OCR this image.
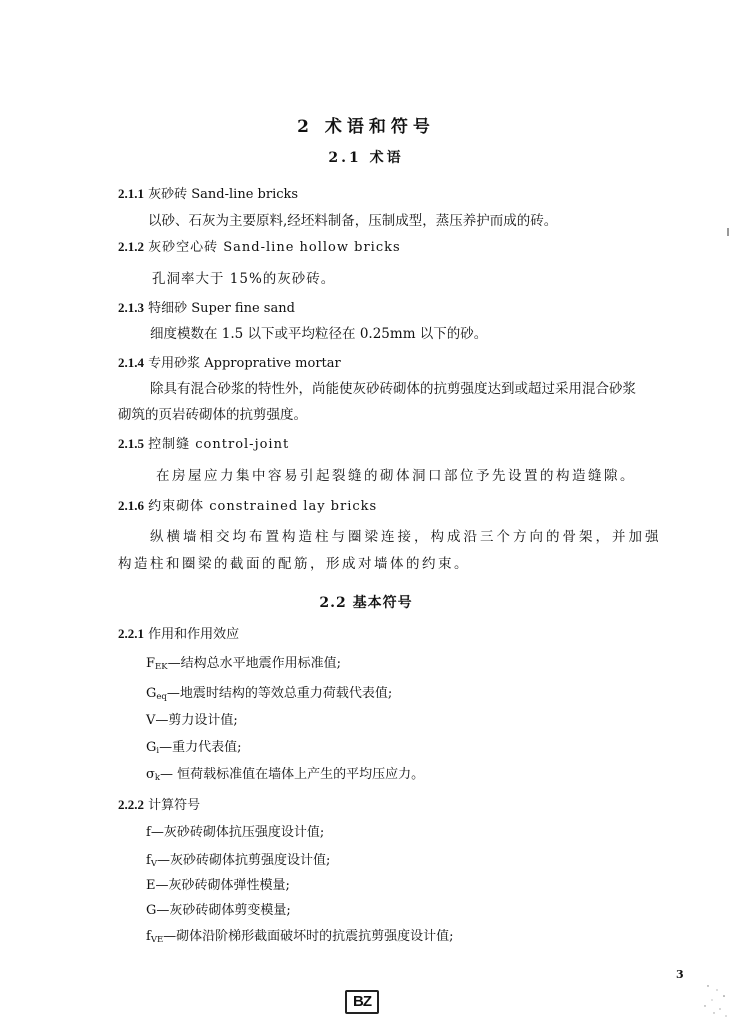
2 术语和符号
2.1 术语
2.1.1 灰砂砖 Sand-line bricks
以砂、石灰为主要原料,经坯料制备，压制成型，蒸压养护而成的砖。
2.1.2 灰砂空心砖 Sand-line hollow bricks
孔洞率大于 15%的灰砂砖。
2.1.3 特细砂 Super fine sand
细度模数在 1.5 以下或平均粒径在 0.25mm 以下的砂。
2.1.4 专用砂浆 Approprative mortar
除具有混合砂浆的特性外，尚能使灰砂砖砌体的抗剪强度达到或超过采用混合砂浆
砌筑的页岩砖砌体的抗剪强度。
2.1.5 控制缝 control-joint
在房屋应力集中容易引起裂缝的砌体洞口部位予先设置的构造缝隙。
2.1.6 约束砌体 constrained lay bricks
纵横墙相交均布置构造柱与圈梁连接，构成沿三个方向的骨架，并加强
构造柱和圈梁的截面的配筋，形成对墙体的约束。
2.2 基本符号
2.2.1 作用和作用效应
$F_{EK}—$结构总水平地震作用标准值;
$G_{eq}—$地震时结构的等效总重力荷载代表值;
V—剪力设计值;
$G_i—$重力代表值;
$\sigma_k—$ 恒荷载标准值在墙体上产生的平均压应力。
2.2.2 计算符号
f—灰砂砖砌体抗压强度设计值;
$f_V—$灰砂砖砌体抗剪强度设计值;
E—灰砂砖砌体弹性模量;
G—灰砂砖砌体剪变模量;
$f_{VE}—$砌体沿阶梯形截面破坏时的抗震抗剪强度设计值;
3
BZ
